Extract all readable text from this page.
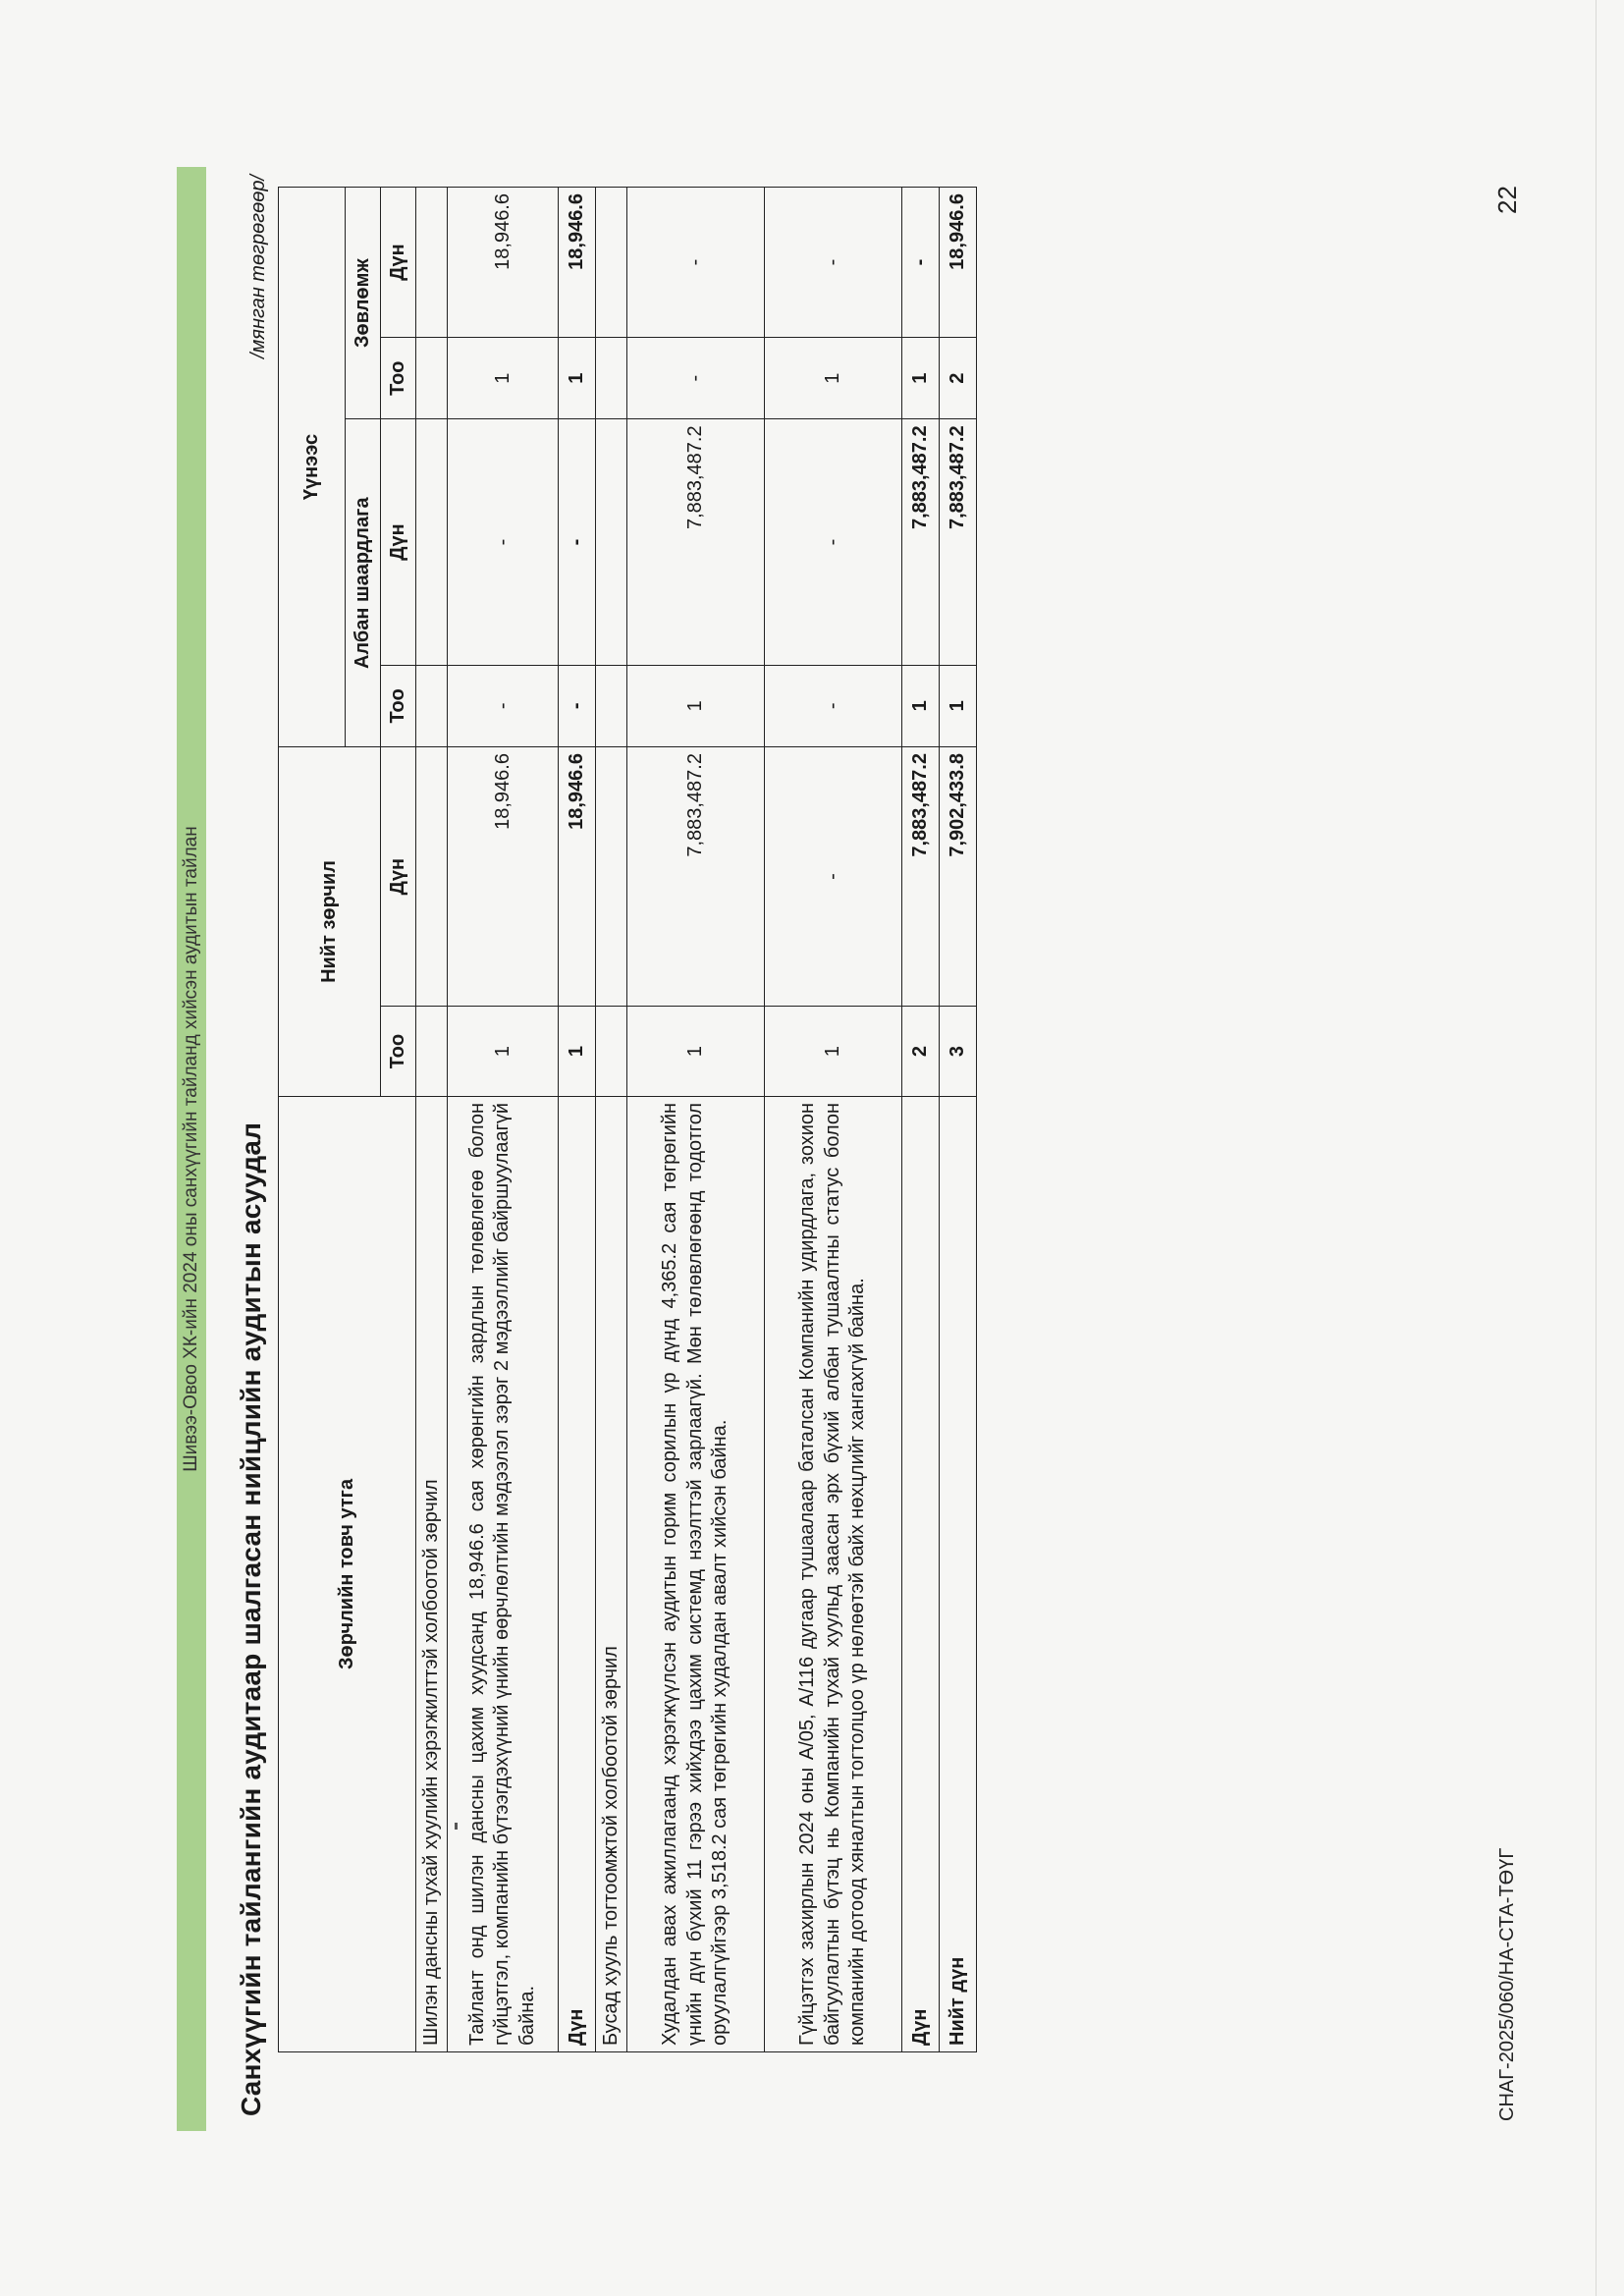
Шивээ-Овоо ХК-ийн 2024 оны санхүүгийн тайланд хийсэн аудитын тайлан Санхүүгийн тайлангийн аудитаар шалгасан нийцлийн аудитын асуудал
/мянган төгрөгөөр/
Зөрчлийн товч утга	Нийт зөрчил		Үүнээс			
			Албан шаардлага		Зөвлөмж	
	Тоо	Дүн	Тоо	Дүн	Тоо	Дүн
Шилэн дансны тухай хуулийн хэрэгжилттэй холбоотой зөрчил						
Тайлант онд шилэн дансны цахим хуудсанд 18,946.6 сая хөрөнгийн зардлын төлөвлөгөө болон гүйцэтгэл, компанийн бүтээгдэхүүний үнийн өөрчлөлтийн мэдээлэл зэрэг 2 мэдээллийг байршуулаагүй байна.	1	18,946.6	-	-	1	18,946.6
Дүн	1	18,946.6	-	-	1	18,946.6
Бусад хууль тогтоомжтой холбоотой зөрчил						
Худалдан авах ажиллагаанд хэрэгжүүлсэн аудитын горим сорилын үр дүнд 4,365.2 сая төгрөгийн үнийн дүн бүхий 11 гэрээ хийхдээ цахим системд нээлттэй зарлаагүй. Мөн төлөвлөгөөнд тодотгол оруулалгүйгээр 3,518.2 сая төгрөгийн худалдан авалт хийсэн байна.	1	7,883,487.2	1	7,883,487.2	-	-
Гүйцэтгэх захирлын 2024 оны А/05, А/116 дугаар тушаалаар баталсан Компанийн удирдлага, зохион байгуулалтын бүтэц нь Компанийн тухай хуульд заасан эрх бүхий албан тушаалтны статус болон компанийн дотоод хяналтын тогтолцоо үр нөлөөтэй байх нөхцлийг хангахгүй байна.	1	-	-	-	1	-
Дүн	2	7,883,487.2	1	7,883,487.2	1	-
Нийт дүн	3	7,902,433.8	1	7,883,487.2	2	18,946.6
СНАГ-2025/060/НА-СТА-ТӨҮГ
22
